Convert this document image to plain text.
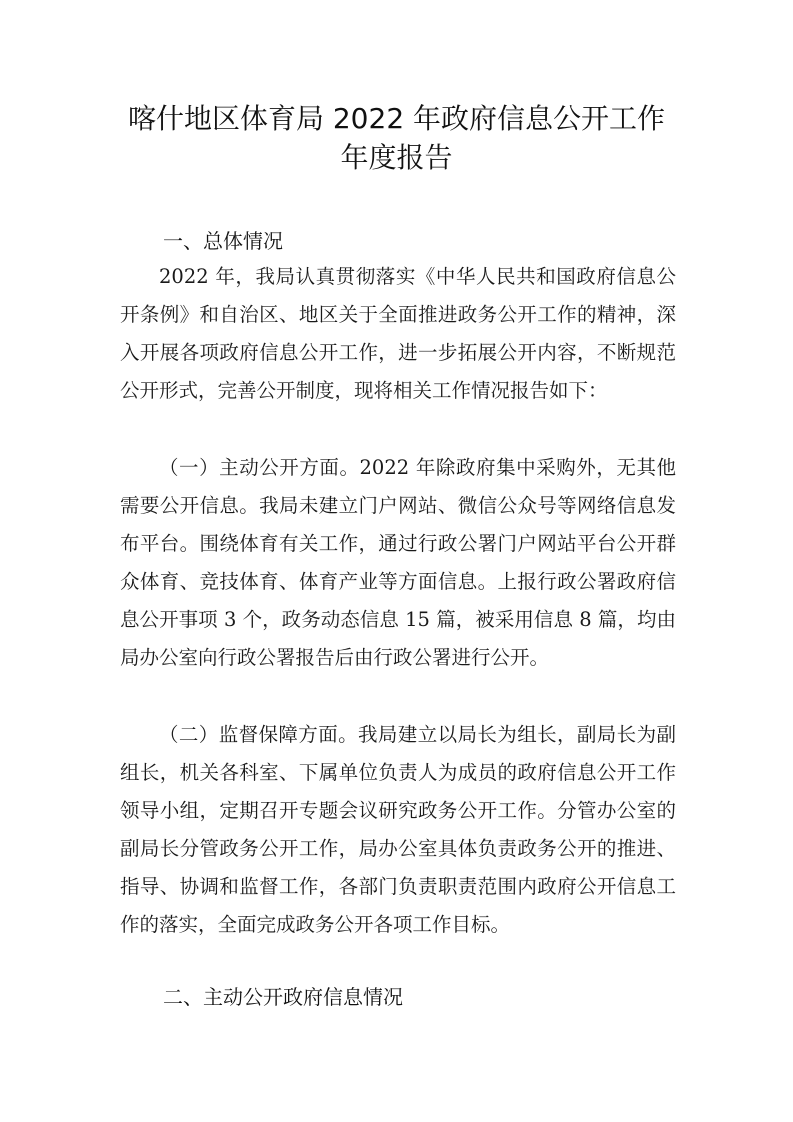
喀什地区体育局 2022 年政府信息公开工作
年度报告
一、总体情况

2022 年，我局认真贯彻落实《中华人民共和国政府信息公开条例》和自治区、地区关于全面推进政务公开工作的精神，深入开展各项政府信息公开工作，进一步拓展公开内容，不断规范公开形式，完善公开制度，现将相关工作情况报告如下：

（一）主动公开方面。2022 年除政府集中采购外，无其他需要公开信息。我局未建立门户网站、微信公众号等网络信息发布平台。围绕体育有关工作，通过行政公署门户网站平台公开群众体育、竞技体育、体育产业等方面信息。上报行政公署政府信息公开事项 3 个，政务动态信息 15 篇，被采用信息 8 篇，均由局办公室向行政公署报告后由行政公署进行公开。

（二）监督保障方面。我局建立以局长为组长，副局长为副组长，机关各科室、下属单位负责人为成员的政府信息公开工作领导小组，定期召开专题会议研究政务公开工作。分管办公室的副局长分管政务公开工作，局办公室具体负责政务公开的推进、指导、协调和监督工作，各部门负责职责范围内政府公开信息工作的落实，全面完成政务公开各项工作目标。

二、主动公开政府信息情况
